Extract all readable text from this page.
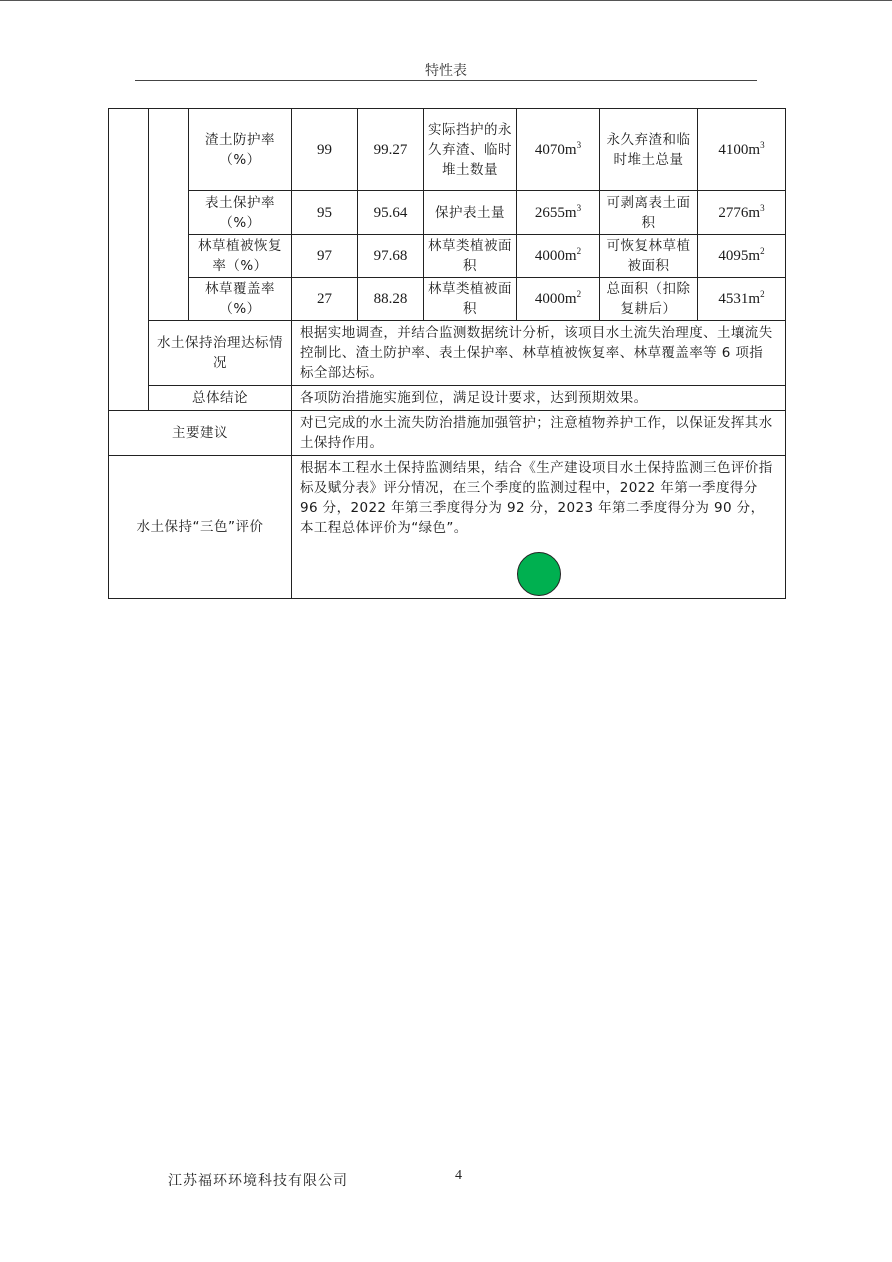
特性表
		渣土防护率（%）	99	99.27	实际挡护的永久弃渣、临时堆土数量	$4070m^3$	永久弃渣和临时堆土总量	$4100m^3$
		表土保护率（%）	95	95.64	保护表土量	$2655m^3$	可剥离表土面积	$2776m^3$
		林草植被恢复率（%）	97	97.68	林草类植被面积	$4000m^2$	可恢复林草植被面积	$4095m^2$
		林草覆盖率（%）	27	88.28	林草类植被面积	$4000m^2$	总面积（扣除复耕后）	$4531m^2$
	水土保持治理达标情况		根据实地调查，并结合监测数据统计分析，该项目水土流失治理度、土壤流失控制比、渣土防护率、表土保护率、林草植被恢复率、林草覆盖率等 6 项指标全部达标。					
	总体结论		各项防治措施实施到位，满足设计要求，达到预期效果。					
主要建议			对已完成的水土流失防治措施加强管护；注意植物养护工作，以保证发挥其水土保持作用。					
水土保持“三色”评价			根据本工程水土保持监测结果，结合《生产建设项目水土保持监测三色评价指标及赋分表》评分情况，在三个季度的监测过程中，2022 年第一季度得分 96 分，2022 年第三季度得分为 92 分，2023 年第二季度得分为 90 分，本工程总体评价为“绿色”。					
江苏福环环境科技有限公司	4
